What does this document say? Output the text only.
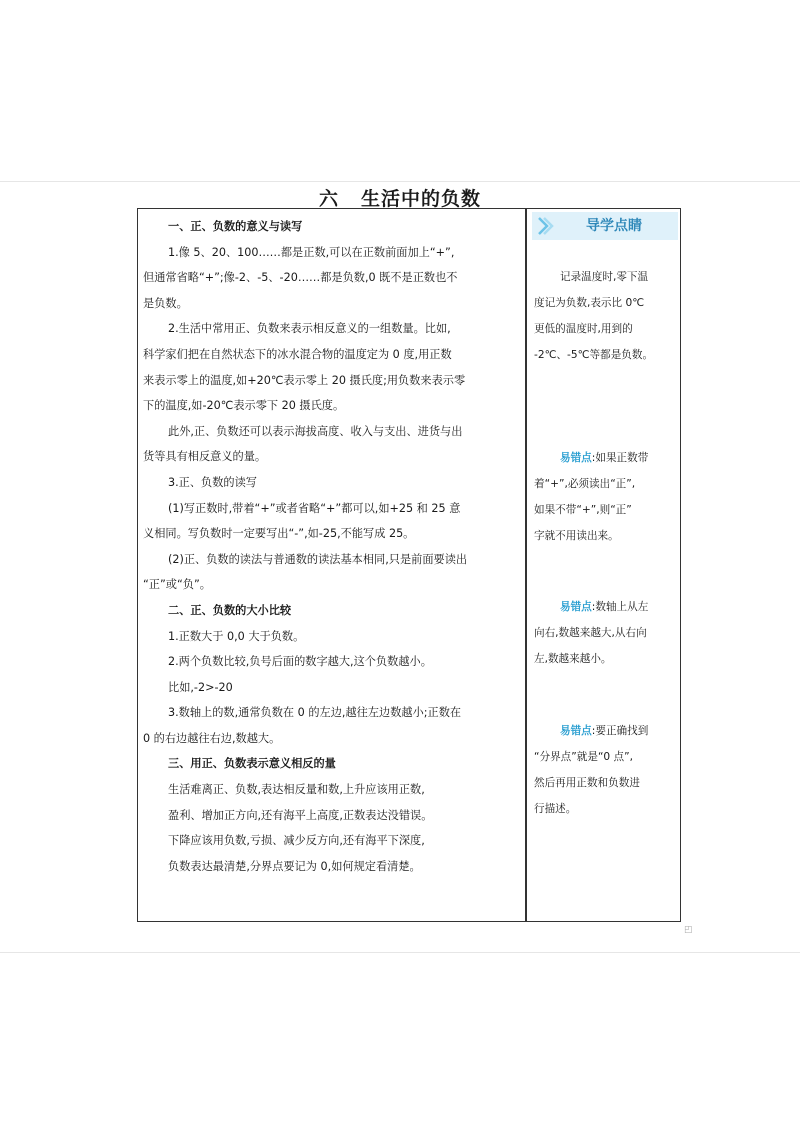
六 生活中的负数

一、正、负数的意义与读写

1.像 5、20、100……都是正数,可以在正数前面加上“+”,

但通常省略“+”;像-2、-5、-20……都是负数,0 既不是正数也不

是负数。

2.生活中常用正、负数来表示相反意义的一组数量。比如,

科学家们把在自然状态下的冰水混合物的温度定为 0 度,用正数

来表示零上的温度,如+20℃表示零上 20 摄氏度;用负数来表示零

下的温度,如-20℃表示零下 20 摄氏度。

此外,正、负数还可以表示海拔高度、收入与支出、进货与出

货等具有相反意义的量。

3.正、负数的读写

(1)写正数时,带着“+”或者省略“+”都可以,如+25 和 25 意

义相同。写负数时一定要写出“-”,如-25,不能写成 25。

(2)正、负数的读法与普通数的读法基本相同,只是前面要读出

“正”或“负”。

二、正、负数的大小比较

1.正数大于 0,0 大于负数。

2.两个负数比较,负号后面的数字越大,这个负数越小。

比如,-2>-20

3.数轴上的数,通常负数在 0 的左边,越往左边数越小;正数在

0 的右边越往右边,数越大。

三、用正、负数表示意义相反的量

生活难离正、负数,表达相反量和数,上升应该用正数,

盈利、增加正方向,还有海平上高度,正数表达没错误。

下降应该用负数,亏损、减少反方向,还有海平下深度,

负数表达最清楚,分界点要记为 0,如何规定看清楚。

导学点睛
记录温度时,零下温
度记为负数,表示比 0℃
更低的温度时,用到的
-2℃、-5℃等都是负数。
易错点:如果正数带
着“+”,必须读出“正”,
如果不带“+”,则“正”
字就不用读出来。
易错点:数轴上从左
向右,数越来越大,从右向
左,数越来越小。
易错点:要正确找到
“分界点”就是“0 点”,
然后再用正数和负数进
行描述。
◰
